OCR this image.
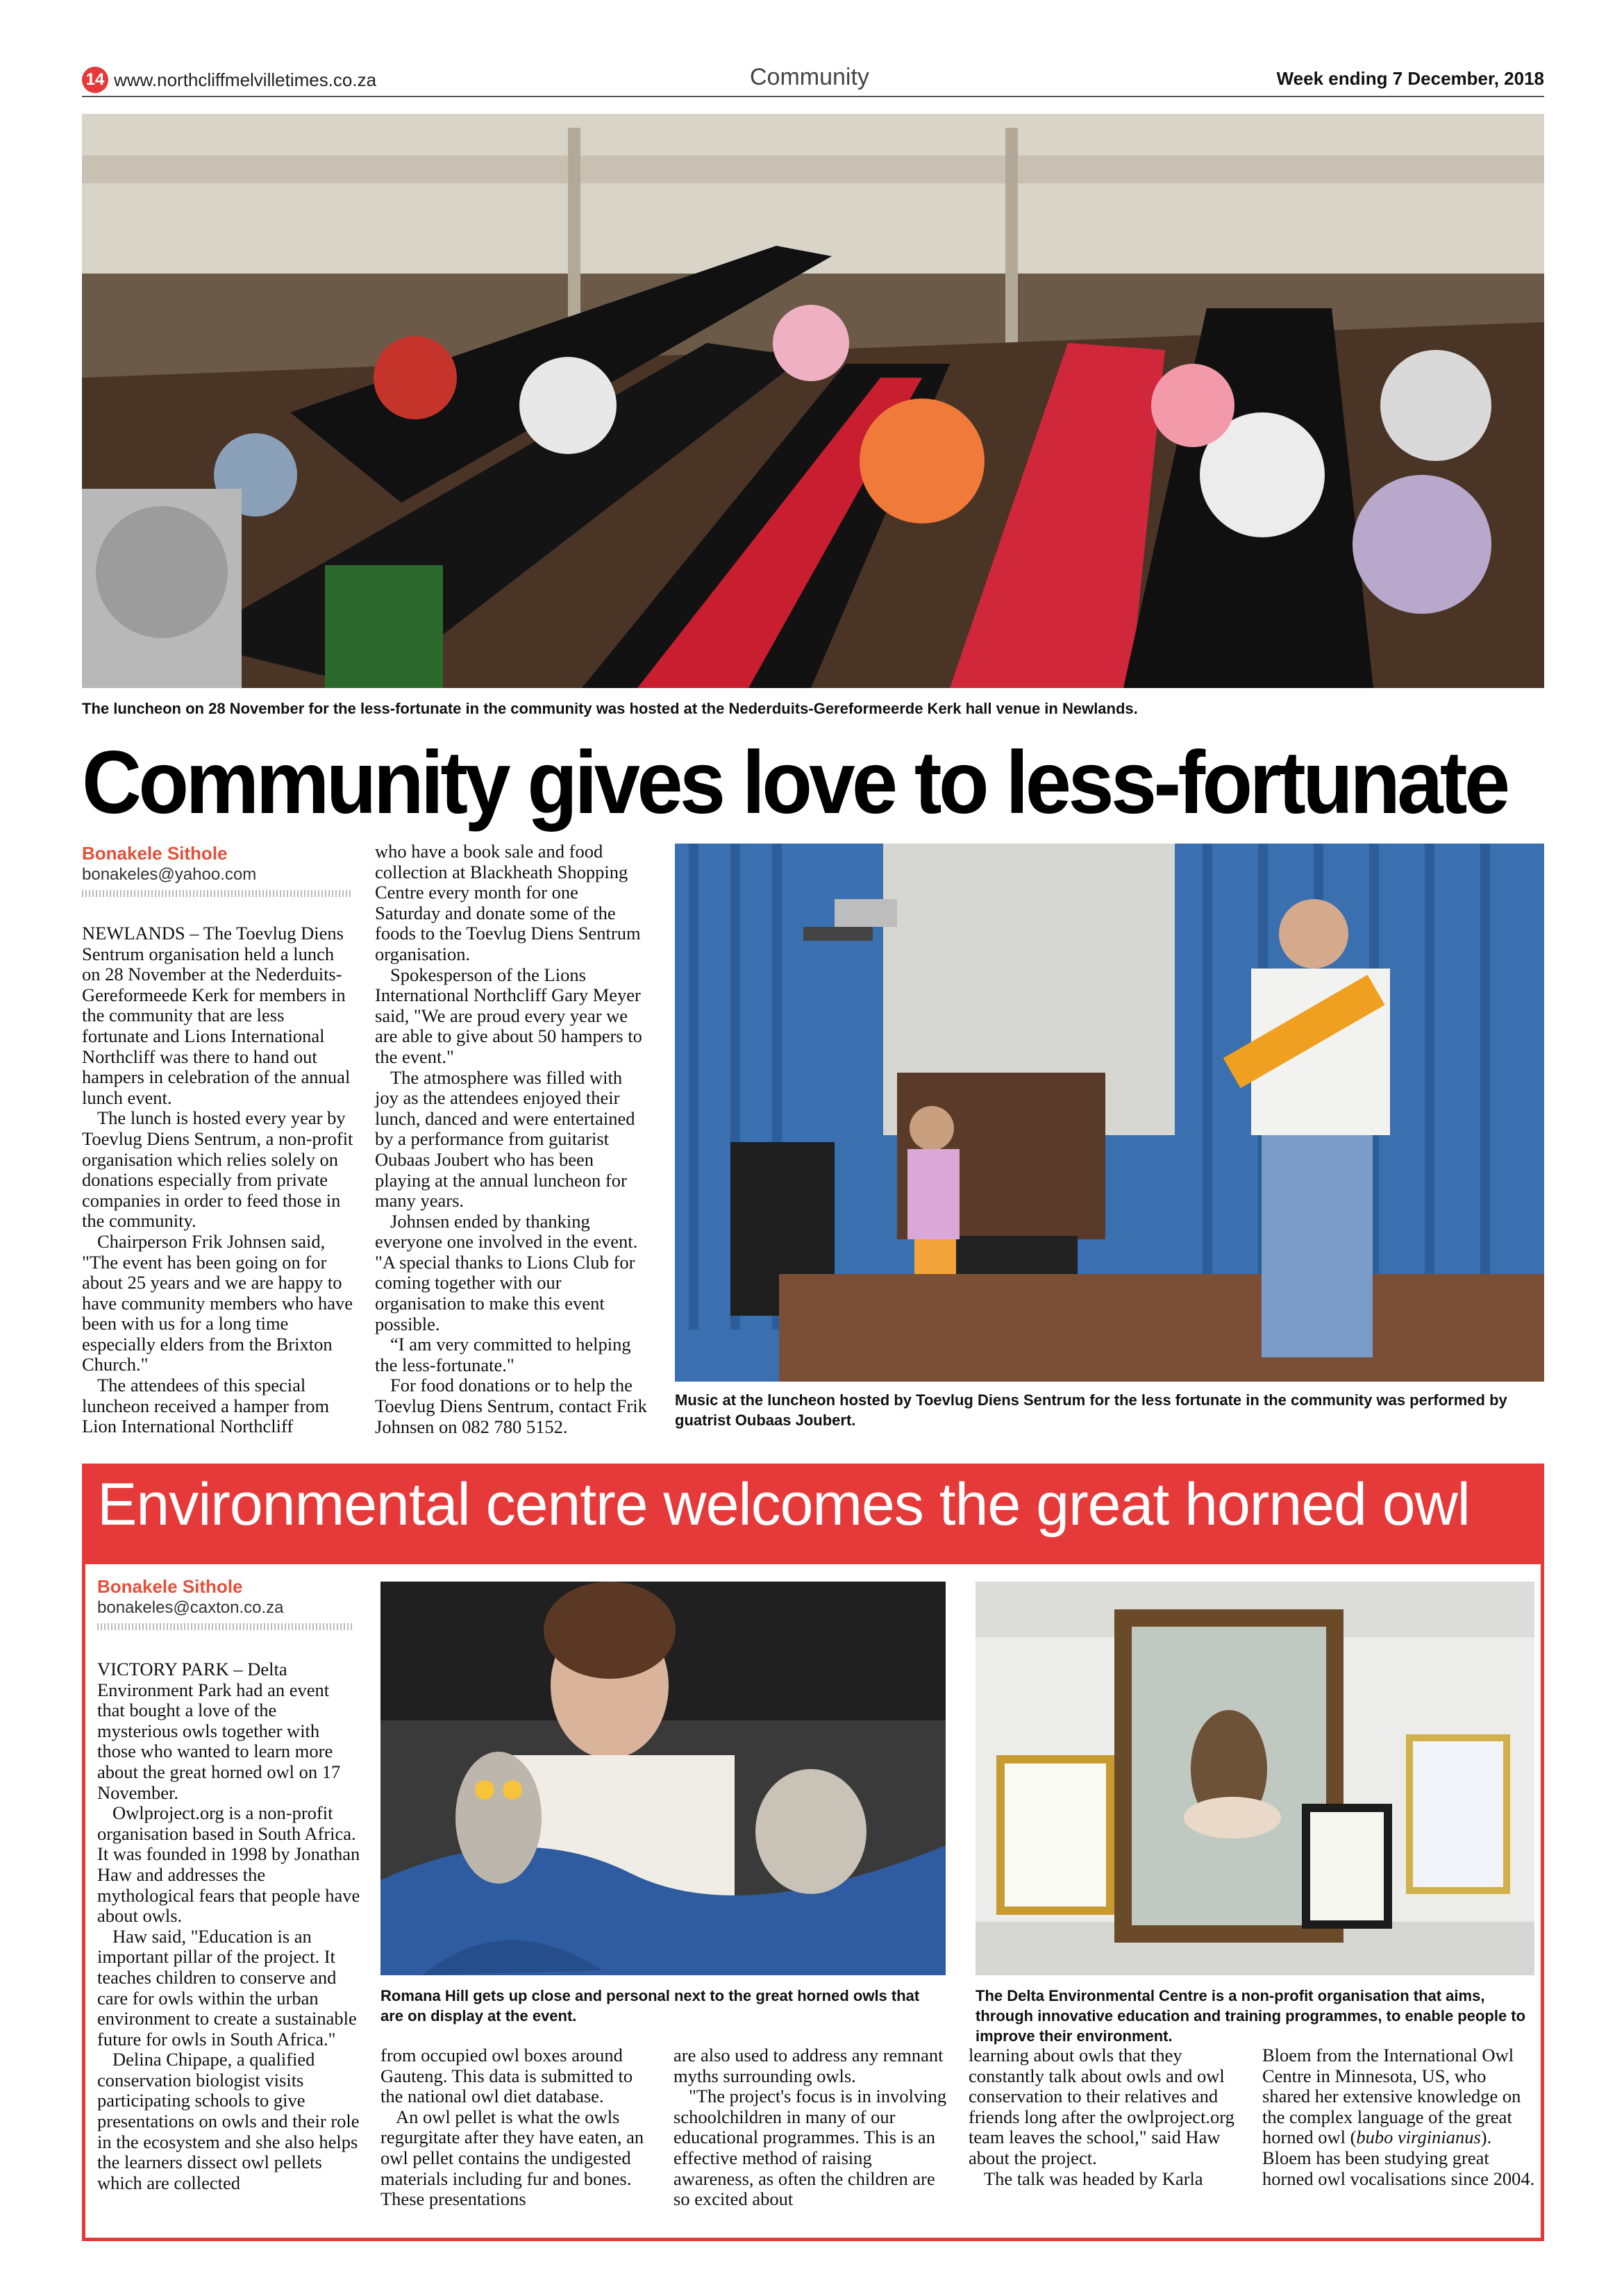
14 www.northcliffmelvilletimes.co.za	Community	Week ending 7 December, 2018
The luncheon on 28 November for the less-fortunate in the community was hosted at the Nederduits-Gereformeerde Kerk hall venue in Newlands.
Community gives love to less-fortunate
Bonakele Sithole
bonakeles@yahoo.com

NEWLANDS – The Toevlug Diens Sentrum organisation held a lunch on 28 November at the Nederduits-Gereformeede Kerk for members in the community that are less fortunate and Lions International Northcliff was there to hand out hampers in celebration of the annual lunch event.

The lunch is hosted every year by Toevlug Diens Sentrum, a non-profit organisation which relies solely on donations especially from private companies in order to feed those in the community.

Chairperson Frik Johnsen said, "The event has been going on for about 25 years and we are happy to have community members who have been with us for a long time especially elders from the Brixton Church."

The attendees of this special luncheon received a hamper from Lion International Northcliff

who have a book sale and food collection at Blackheath Shopping Centre every month for one Saturday and donate some of the foods to the Toevlug Diens Sentrum organisation.

Spokesperson of the Lions International Northcliff Gary Meyer said, "We are proud every year we are able to give about 50 hampers to the event."

The atmosphere was filled with joy as the attendees enjoyed their lunch, danced and were entertained by a performance from guitarist Oubaas Joubert who has been playing at the annual luncheon for many years.

Johnsen ended by thanking everyone one involved in the event. "A special thanks to Lions Club for coming together with our organisation to make this event possible.

“I am very committed to helping the less-fortunate."

For food donations or to help the Toevlug Diens Sentrum, contact Frik Johnsen on 082 780 5152.

Music at the luncheon hosted by Toevlug Diens Sentrum for the less fortunate in the community was performed by guatrist Oubaas Joubert.
Environmental centre welcomes the great horned owl
Bonakele Sithole
bonakeles@caxton.co.za

VICTORY PARK – Delta Environment Park had an event that bought a love of the mysterious owls together with those who wanted to learn more about the great horned owl on 17 November.

Owlproject.org is a non-profit organisation based in South Africa. It was founded in 1998 by Jonathan Haw and addresses the mythological fears that people have about owls.

Haw said, "Education is an important pillar of the project. It teaches children to conserve and care for owls within the urban environment to create a sustainable future for owls in South Africa."

Delina Chipape, a qualified conservation biologist visits participating schools to give presentations on owls and their role in the ecosystem and she also helps the learners dissect owl pellets which are collected

Romana Hill gets up close and personal next to the great horned owls that are on display at the event.
The Delta Environmental Centre is a non-profit organisation that aims, through innovative education and training programmes, to enable people to improve their environment.

from occupied owl boxes around Gauteng. This data is submitted to the national owl diet database.

An owl pellet is what the owls regurgitate after they have eaten, an owl pellet contains the undigested materials including fur and bones. These presentations

are also used to address any remnant myths surrounding owls.

"The project's focus is in involving schoolchildren in many of our educational programmes. This is an effective method of raising awareness, as often the children are so excited about

learning about owls that they constantly talk about owls and owl conservation to their relatives and friends long after the owlproject.org team leaves the school," said Haw about the project.

The talk was headed by Karla

Bloem from the International Owl Centre in Minnesota, US, who shared her extensive knowledge on the complex language of the great horned owl (bubo virginianus). Bloem has been studying great horned owl vocalisations since 2004.
